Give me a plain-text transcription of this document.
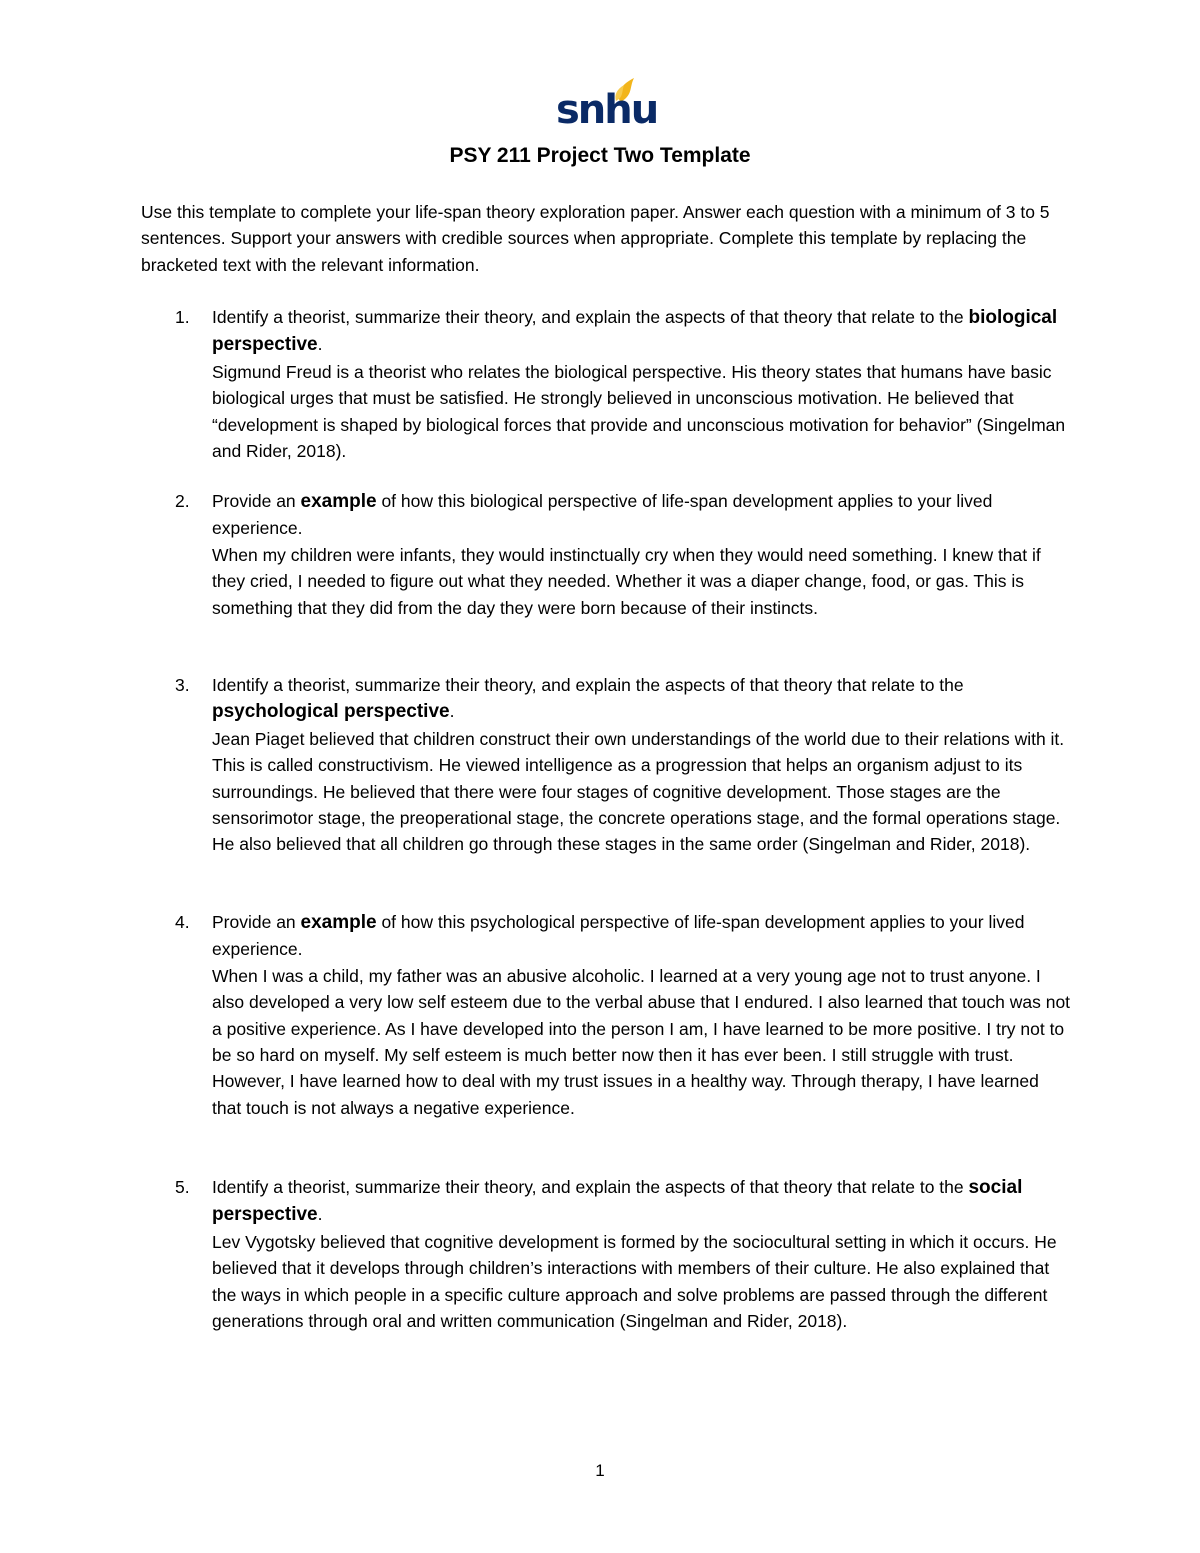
snhu
PSY 211 Project Two Template
Use this template to complete your life-span theory exploration paper. Answer each question with a minimum of 3 to 5 sentences. Support your answers with credible sources when appropriate. Complete this template by replacing the bracketed text with the relevant information.
1. Identify a theorist, summarize their theory, and explain the aspects of that theory that relate to the biological perspective.
Sigmund Freud is a theorist who relates the biological perspective. His theory states that humans have basic biological urges that must be satisfied. He strongly believed in unconscious motivation. He believed that “development is shaped by biological forces that provide and unconscious motivation for behavior” (Singelman and Rider, 2018).
2. Provide an example of how this biological perspective of life-span development applies to your lived experience.
When my children were infants, they would instinctually cry when they would need something. I knew that if they cried, I needed to figure out what they needed. Whether it was a diaper change, food, or gas. This is something that they did from the day they were born because of their instincts.
3. Identify a theorist, summarize their theory, and explain the aspects of that theory that relate to the psychological perspective.
Jean Piaget believed that children construct their own understandings of the world due to their relations with it. This is called constructivism. He viewed intelligence as a progression that helps an organism adjust to its surroundings. He believed that there were four stages of cognitive development. Those stages are the sensorimotor stage, the preoperational stage, the concrete operations stage, and the formal operations stage. He also believed that all children go through these stages in the same order (Singelman and Rider, 2018).
4. Provide an example of how this psychological perspective of life-span development applies to your lived experience.
When I was a child, my father was an abusive alcoholic. I learned at a very young age not to trust anyone. I also developed a very low self esteem due to the verbal abuse that I endured. I also learned that touch was not a positive experience. As I have developed into the person I am, I have learned to be more positive. I try not to be so hard on myself. My self esteem is much better now then it has ever been. I still struggle with trust. However, I have learned how to deal with my trust issues in a healthy way. Through therapy, I have learned that touch is not always a negative experience.
5. Identify a theorist, summarize their theory, and explain the aspects of that theory that relate to the social perspective.
Lev Vygotsky believed that cognitive development is formed by the sociocultural setting in which it occurs. He believed that it develops through children’s interactions with members of their culture. He also explained that the ways in which people in a specific culture approach and solve problems are passed through the different generations through oral and written communication (Singelman and Rider, 2018).
1
